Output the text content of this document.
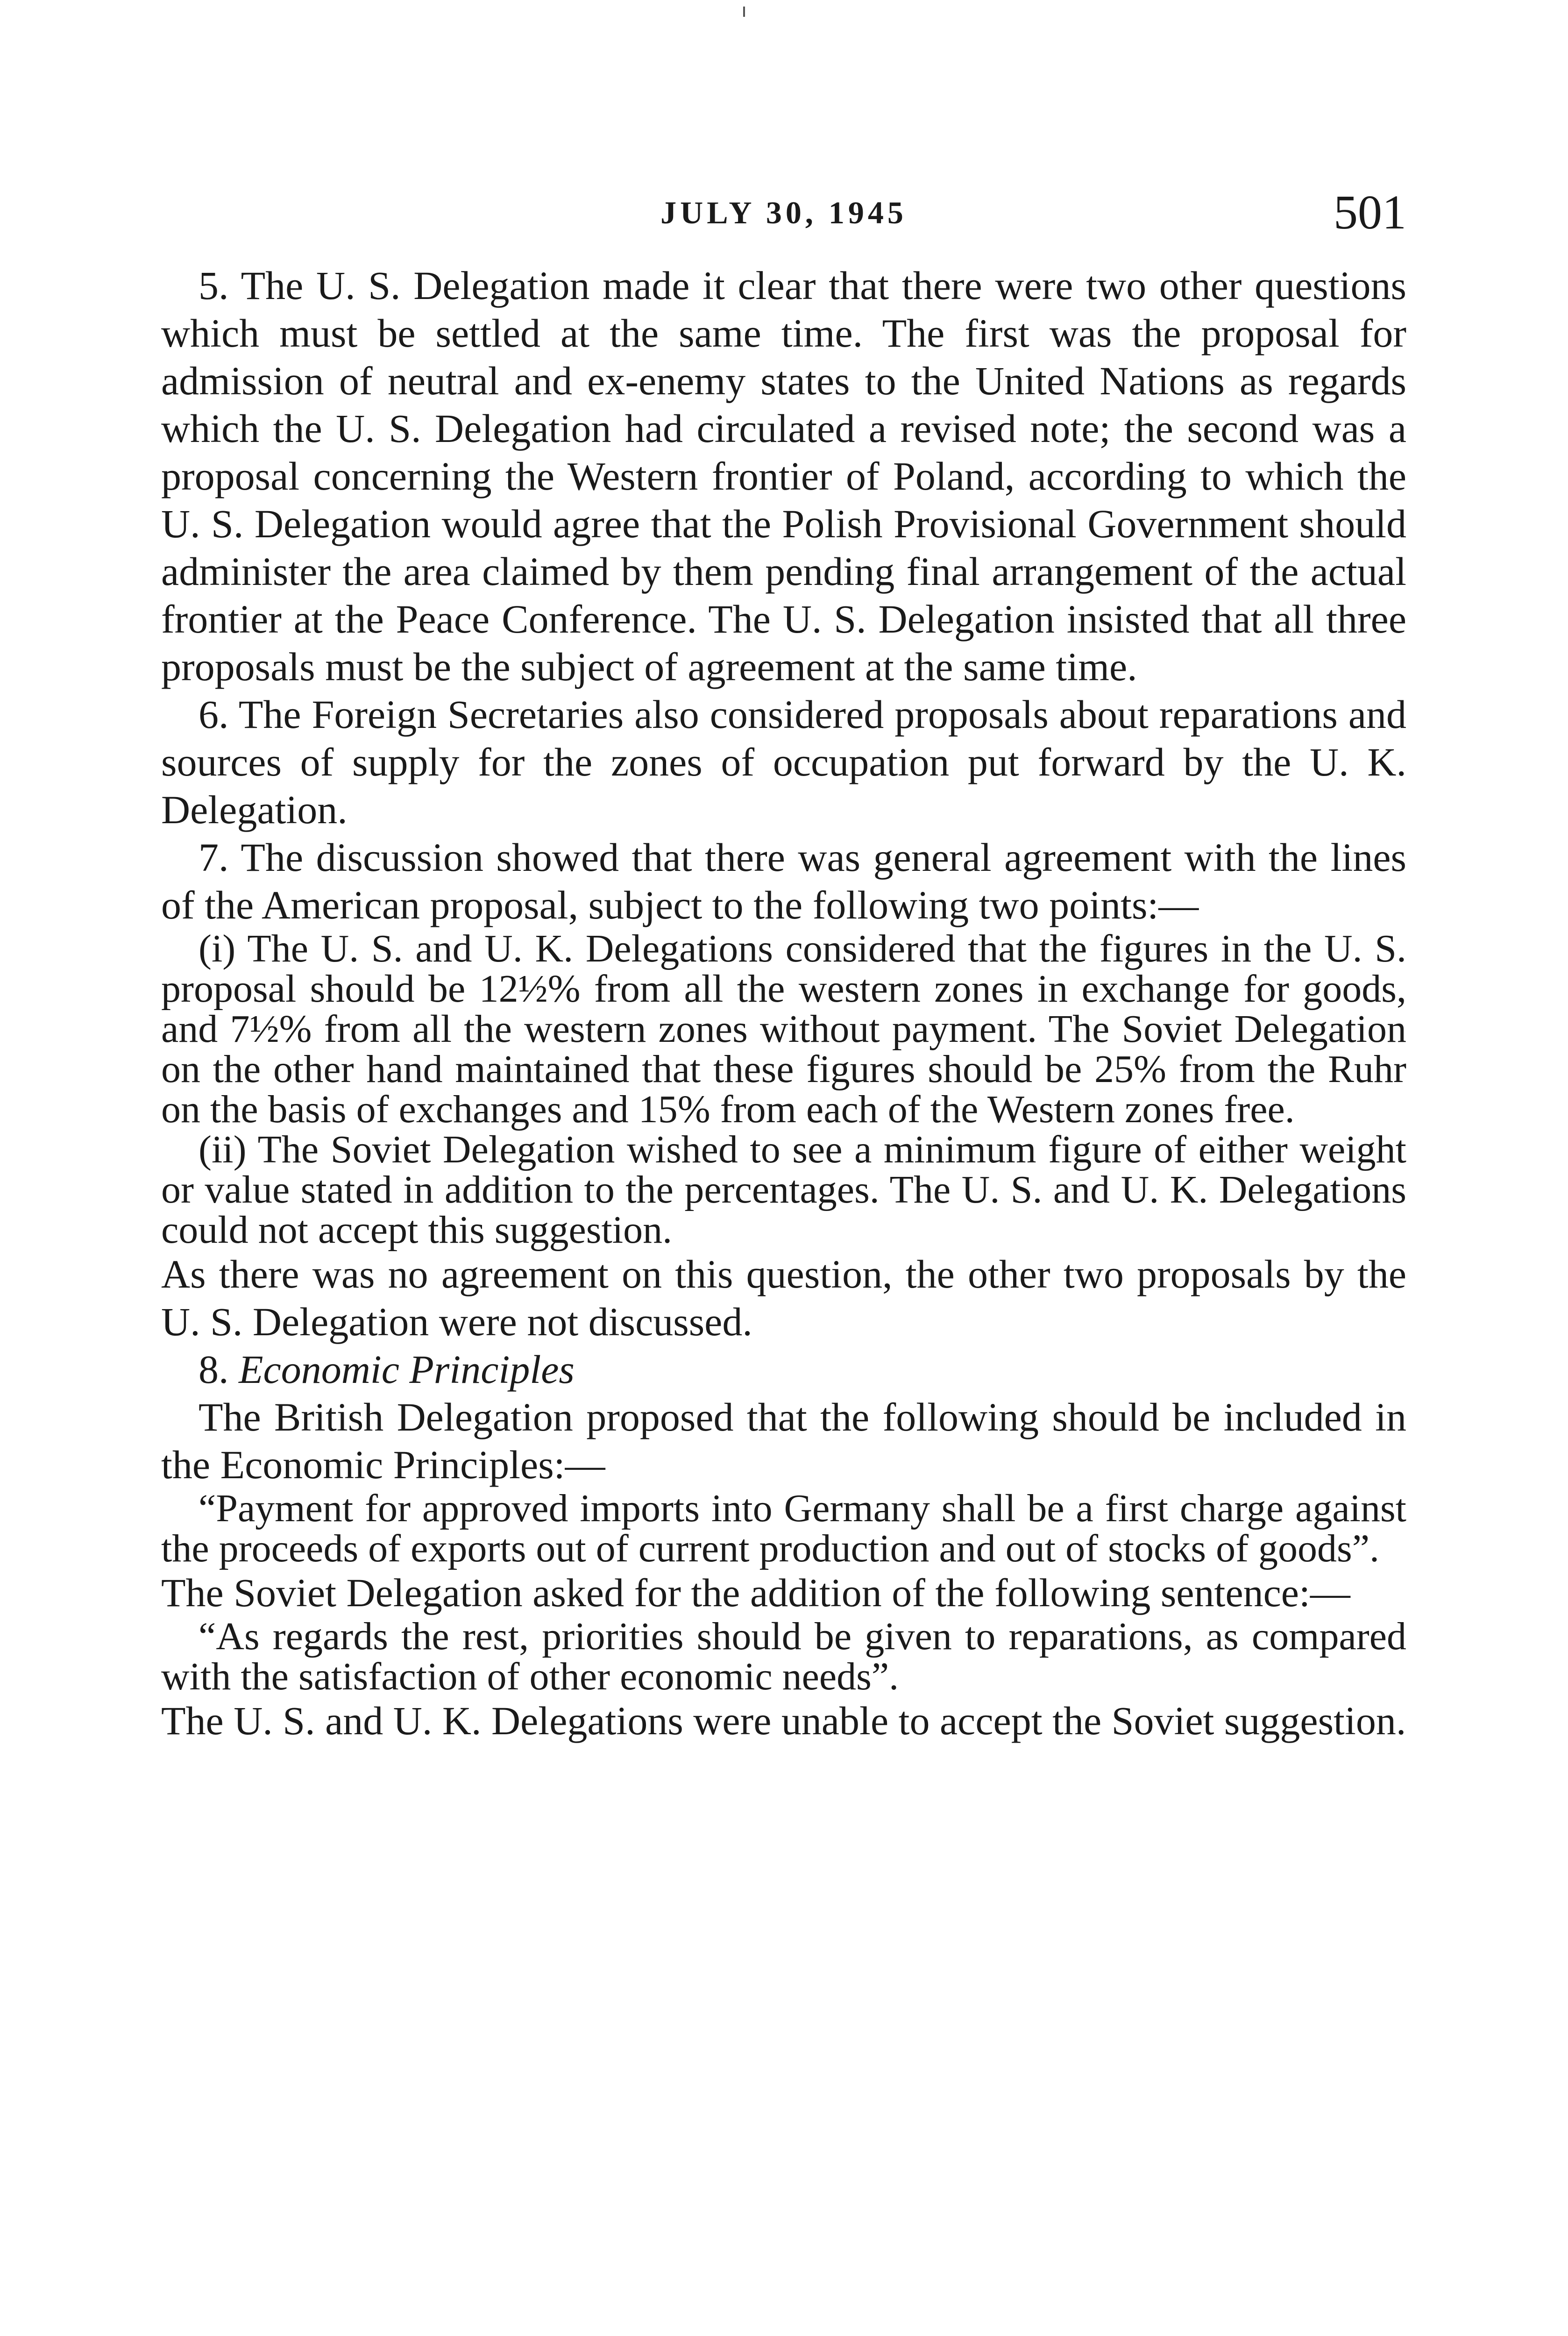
JULY 30, 1945	501

5. The U. S. Delegation made it clear that there were two other questions which must be settled at the same time. The first was the proposal for admission of neutral and ex-enemy states to the United Nations as regards which the U. S. Delegation had circulated a revised note; the second was a proposal concerning the Western frontier of Poland, according to which the U. S. Delegation would agree that the Polish Provisional Government should administer the area claimed by them pending final arrangement of the actual frontier at the Peace Conference. The U. S. Delegation insisted that all three proposals must be the subject of agreement at the same time.

6. The Foreign Secretaries also considered proposals about reparations and sources of supply for the zones of occupation put forward by the U. K. Delegation.

7. The discussion showed that there was general agreement with the lines of the American proposal, subject to the following two points:—

(i) The U. S. and U. K. Delegations considered that the figures in the U. S. proposal should be 12½% from all the western zones in exchange for goods, and 7½% from all the western zones without payment. The Soviet Delegation on the other hand maintained that these figures should be 25% from the Ruhr on the basis of exchanges and 15% from each of the Western zones free.

(ii) The Soviet Delegation wished to see a minimum figure of either weight or value stated in addition to the percentages. The U. S. and U. K. Delegations could not accept this suggestion.

As there was no agreement on this question, the other two proposals by the U. S. Delegation were not discussed.

8. Economic Principles

The British Delegation proposed that the following should be included in the Economic Principles:—

“Payment for approved imports into Germany shall be a first charge against the proceeds of exports out of current production and out of stocks of goods”.

The Soviet Delegation asked for the addition of the following sentence:—

“As regards the rest, priorities should be given to reparations, as compared with the satisfaction of other economic needs”.

The U. S. and U. K. Delegations were unable to accept the Soviet suggestion.
